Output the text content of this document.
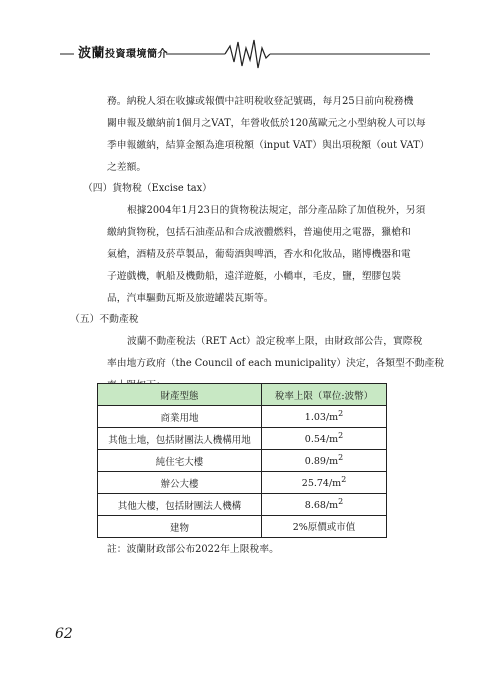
波蘭投資環境簡介
務。納稅人須在收據或報價中註明稅收登記號碼，每月25日前向稅務機
關申報及繳納前1個月之VAT，年營收低於120萬歐元之小型納稅人可以每
季申報繳納，結算金額為進項稅額（input VAT）與出項稅額（out VAT）
之差額。
（四）貨物稅（Excise tax）
根據2004年1月23日的貨物稅法規定，部分產品除了加值稅外，另須
繳納貨物稅，包括石油產品和合成液體燃料，普遍使用之電器，獵槍和
氣槍，酒精及菸草製品，葡萄酒與啤酒，香水和化妝品，賭博機器和電
子遊戲機，帆船及機動船，遠洋遊艇，小轎車，毛皮，鹽，塑膠包裝
品，汽車驅動瓦斯及旅遊罐裝瓦斯等。
（五）不動產稅
波蘭不動產稅法（RET Act）設定稅率上限，由財政部公告，實際稅
率由地方政府（the Council of each municipality）決定，各類型不動產稅
財產型態	稅率上限（單位:波幣）
商業用地	$1.03/m^2$
其他土地，包括財團法人機構用地	$0.54/m^2$
純住宅大樓	$0.89/m^2$
辦公大樓	$25.74/m^2$
其他大樓，包括財團法人機構	$8.68/m^2$
建物	2%原價或市值
註：波蘭財政部公布2022年上限稅率。
62
